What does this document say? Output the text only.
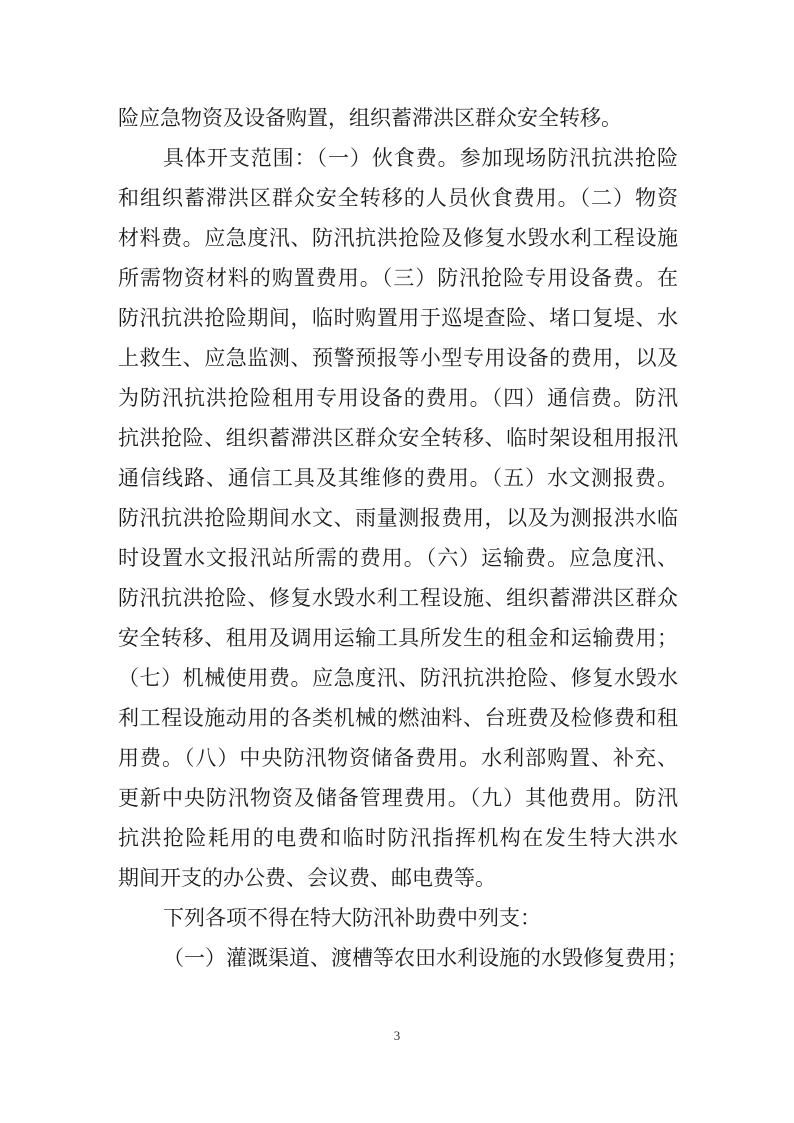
险应急物资及设备购置，组织蓄滞洪区群众安全转移。
具体开支范围：（一）伙食费。参加现场防汛抗洪抢险
和组织蓄滞洪区群众安全转移的人员伙食费用。（二）物资
材料费。应急度汛、防汛抗洪抢险及修复水毁水利工程设施
所需物资材料的购置费用。（三）防汛抢险专用设备费。在
防汛抗洪抢险期间，临时购置用于巡堤查险、堵口复堤、水
上救生、应急监测、预警预报等小型专用设备的费用，以及
为防汛抗洪抢险租用专用设备的费用。（四）通信费。防汛
抗洪抢险、组织蓄滞洪区群众安全转移、临时架设租用报汛
通信线路、通信工具及其维修的费用。（五）水文测报费。
防汛抗洪抢险期间水文、雨量测报费用，以及为测报洪水临
时设置水文报汛站所需的费用。（六）运输费。应急度汛、
防汛抗洪抢险、修复水毁水利工程设施、组织蓄滞洪区群众
安全转移、租用及调用运输工具所发生的租金和运输费用；
（七）机械使用费。应急度汛、防汛抗洪抢险、修复水毁水
利工程设施动用的各类机械的燃油料、台班费及检修费和租
用费。（八）中央防汛物资储备费用。水利部购置、补充、
更新中央防汛物资及储备管理费用。（九）其他费用。防汛
抗洪抢险耗用的电费和临时防汛指挥机构在发生特大洪水
期间开支的办公费、会议费、邮电费等。
下列各项不得在特大防汛补助费中列支：
（一）灌溉渠道、渡槽等农田水利设施的水毁修复费用；
3
